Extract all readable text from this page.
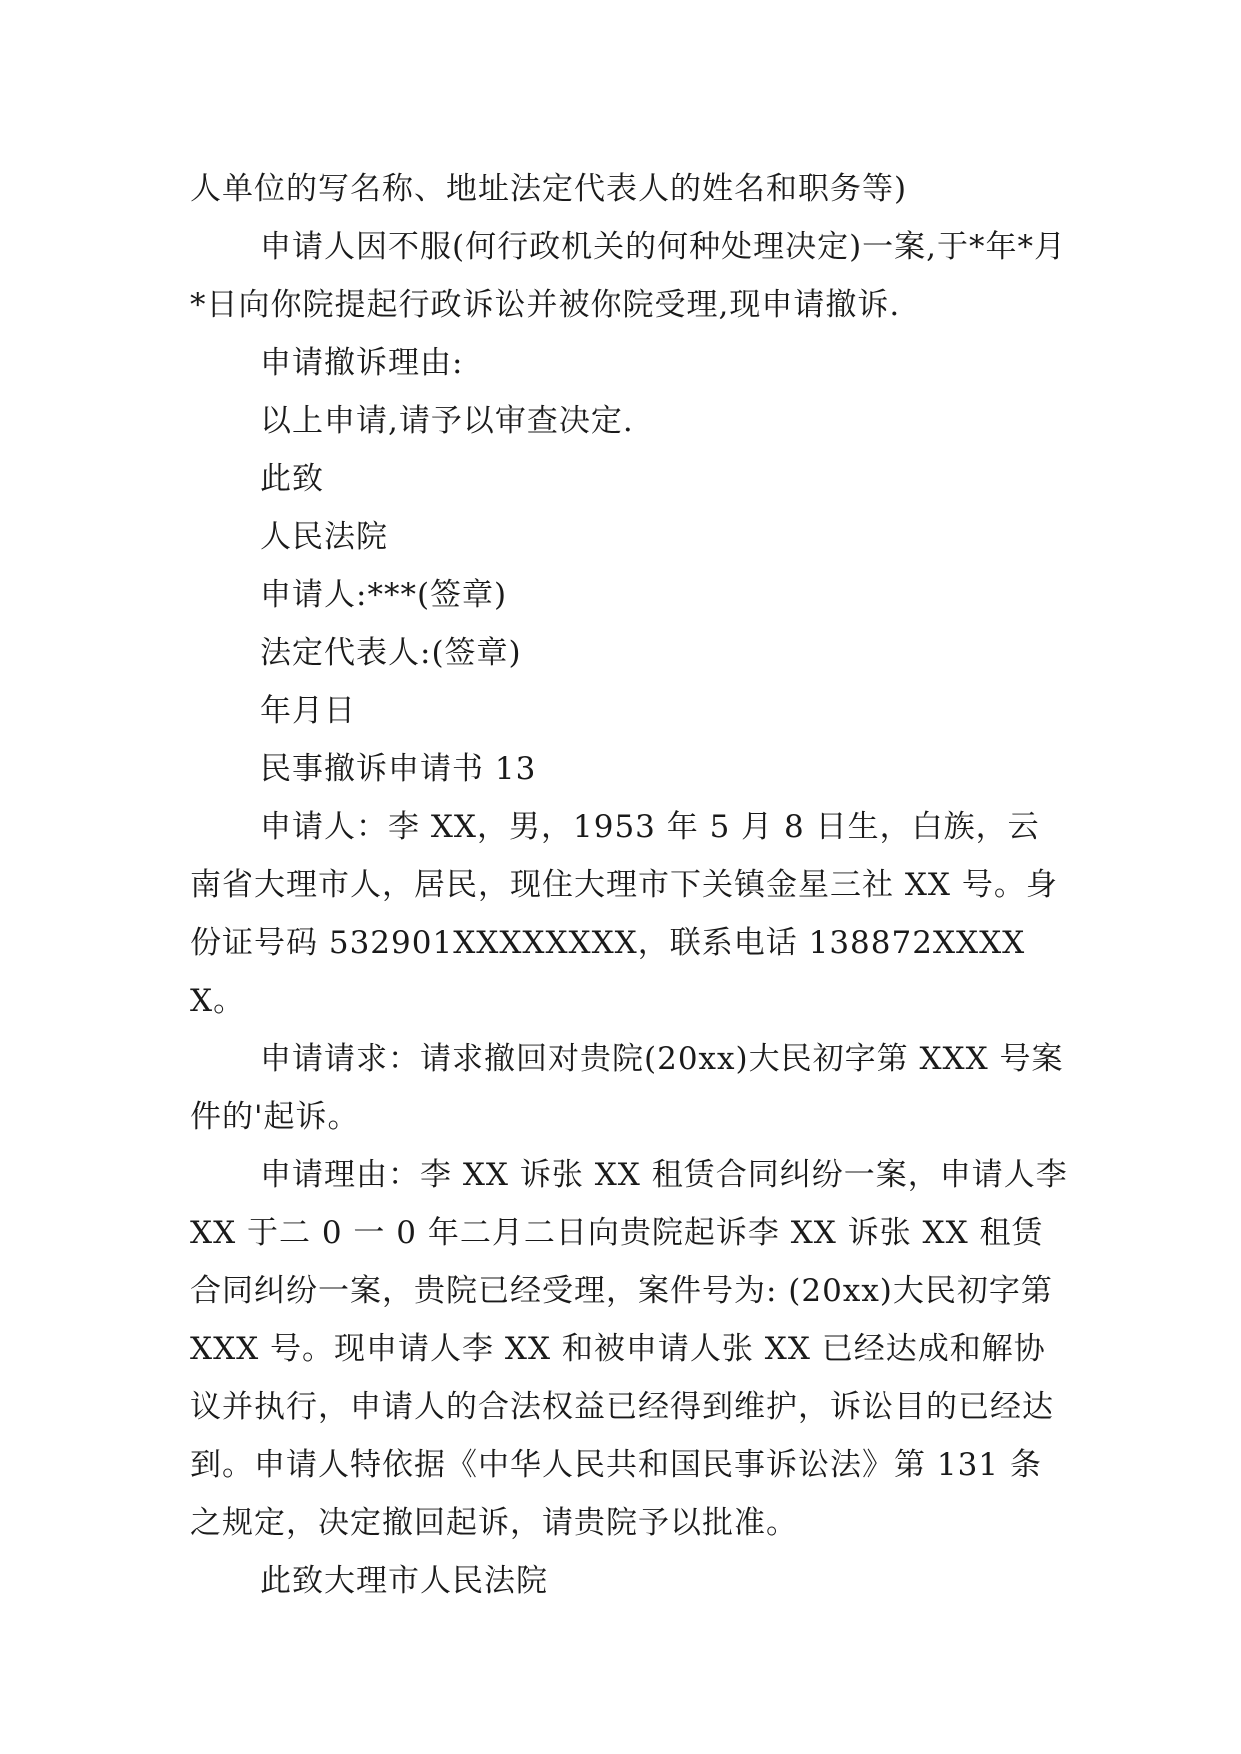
人单位的写名称、地址法定代表人的姓名和职务等)

申请人因不服(何行政机关的何种处理决定)一案,于*年*月*日向你院提起行政诉讼并被你院受理,现申请撤诉.

申请撤诉理由:

以上申请,请予以审查决定.

此致

人民法院

申请人:***(签章)

法定代表人:(签章)

年月日

民事撤诉申请书 13

申请人：李 XX，男，1953 年 5 月 8 日生，白族，云南省大理市人，居民，现住大理市下关镇金星三社 XX 号。身份证号码 532901XXXXXXXX，联系电话 138872XXXXX。

申请请求：请求撤回对贵院(20xx)大民初字第 XXX 号案件的'起诉。

申请理由：李 XX 诉张 XX 租赁合同纠纷一案，申请人李 XX 于二 0 一 0 年二月二日向贵院起诉李 XX 诉张 XX 租赁合同纠纷一案，贵院已经受理，案件号为: (20xx)大民初字第 XXX 号。现申请人李 XX 和被申请人张 XX 已经达成和解协议并执行，申请人的合法权益已经得到维护，诉讼目的已经达到。申请人特依据《中华人民共和国民事诉讼法》第 131 条之规定，决定撤回起诉，请贵院予以批准。

此致大理市人民法院
